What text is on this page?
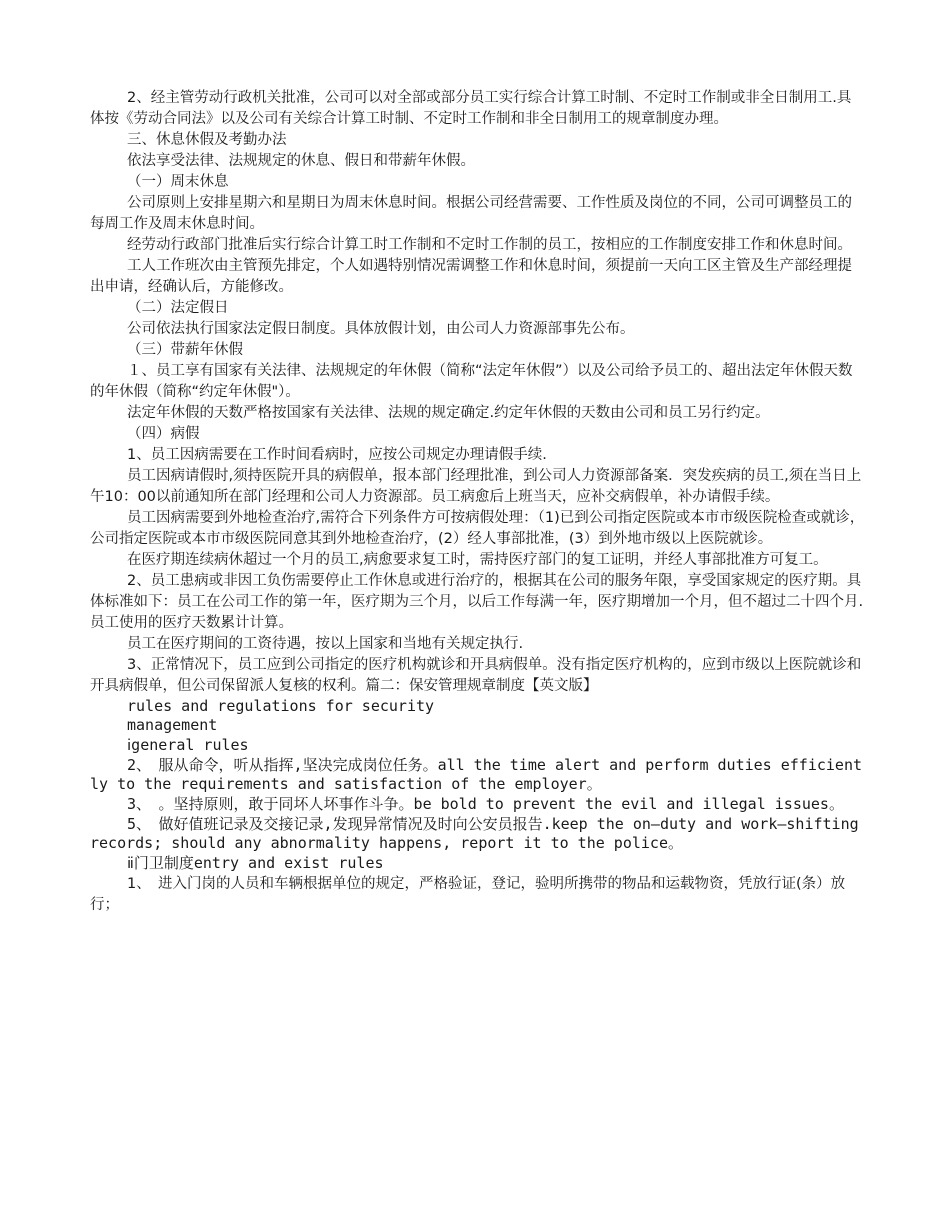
2、经主管劳动行政机关批准，公司可以对全部或部分员工实行综合计算工时制、不定时工作制或非全日制用工.具体按《劳动合同法》以及公司有关综合计算工时制、不定时工作制和非全日制用工的规章制度办理。

三、休息休假及考勤办法

依法享受法律、法规规定的休息、假日和带薪年休假。

（一）周末休息

公司原则上安排星期六和星期日为周末休息时间。根据公司经营需要、工作性质及岗位的不同，公司可调整员工的每周工作及周末休息时间。

经劳动行政部门批准后实行综合计算工时工作制和不定时工作制的员工，按相应的工作制度安排工作和休息时间。

工人工作班次由主管预先排定，个人如遇特别情况需调整工作和休息时间，须提前一天向工区主管及生产部经理提出申请，经确认后，方能修改。

（二）法定假日

公司依法执行国家法定假日制度。具体放假计划，由公司人力资源部事先公布。

（三）带薪年休假

１、员工享有国家有关法律、法规规定的年休假（简称“法定年休假”）以及公司给予员工的、超出法定年休假天数的年休假（简称“约定年休假"）。

法定年休假的天数严格按国家有关法律、法规的规定确定.约定年休假的天数由公司和员工另行约定。

（四）病假

1、员工因病需要在工作时间看病时，应按公司规定办理请假手续.

员工因病请假时,须持医院开具的病假单，报本部门经理批准，到公司人力资源部备案．突发疾病的员工,须在当日上午10：00以前通知所在部门经理和公司人力资源部。员工病愈后上班当天，应补交病假单，补办请假手续。

员工因病需要到外地检查治疗,需符合下列条件方可按病假处理：（1)已到公司指定医院或本市市级医院检查或就诊，公司指定医院或本市市级医院同意其到外地检查治疗，(2）经人事部批准，(3）到外地市级以上医院就诊。

在医疗期连续病休超过一个月的员工,病愈要求复工时，需持医疗部门的复工证明，并经人事部批准方可复工。

2、员工患病或非因工负伤需要停止工作休息或进行治疗的，根据其在公司的服务年限，享受国家规定的医疗期。具体标准如下：员工在公司工作的第一年，医疗期为三个月，以后工作每满一年，医疗期增加一个月，但不超过二十四个月.员工使用的医疗天数累计计算。

员工在医疗期间的工资待遇，按以上国家和当地有关规定执行.

3、正常情况下，员工应到公司指定的医疗机构就诊和开具病假单。没有指定医疗机构的，应到市级以上医院就诊和开具病假单，但公司保留派人复核的权利。篇二：保安管理规章制度【英文版】

rules and regulations for security

management

ⅰgeneral rules

2、　服从命令，听从指挥,坚决完成岗位任务。all the time alert and perform duties efficiently to the requirements and satisfaction of the employer。

3、　。坚持原则，敢于同坏人坏事作斗争。be bold to prevent the evil and illegal issues。

5、　做好值班记录及交接记录,发现异常情况及时向公安员报告.keep the on—duty and work—shifting records; should any abnormality happens, report it to the police。

ⅱ门卫制度entry and exist rules

1、　进入门岗的人员和车辆根据单位的规定，严格验证，登记，验明所携带的物品和运载物资，凭放行证(条）放行；
